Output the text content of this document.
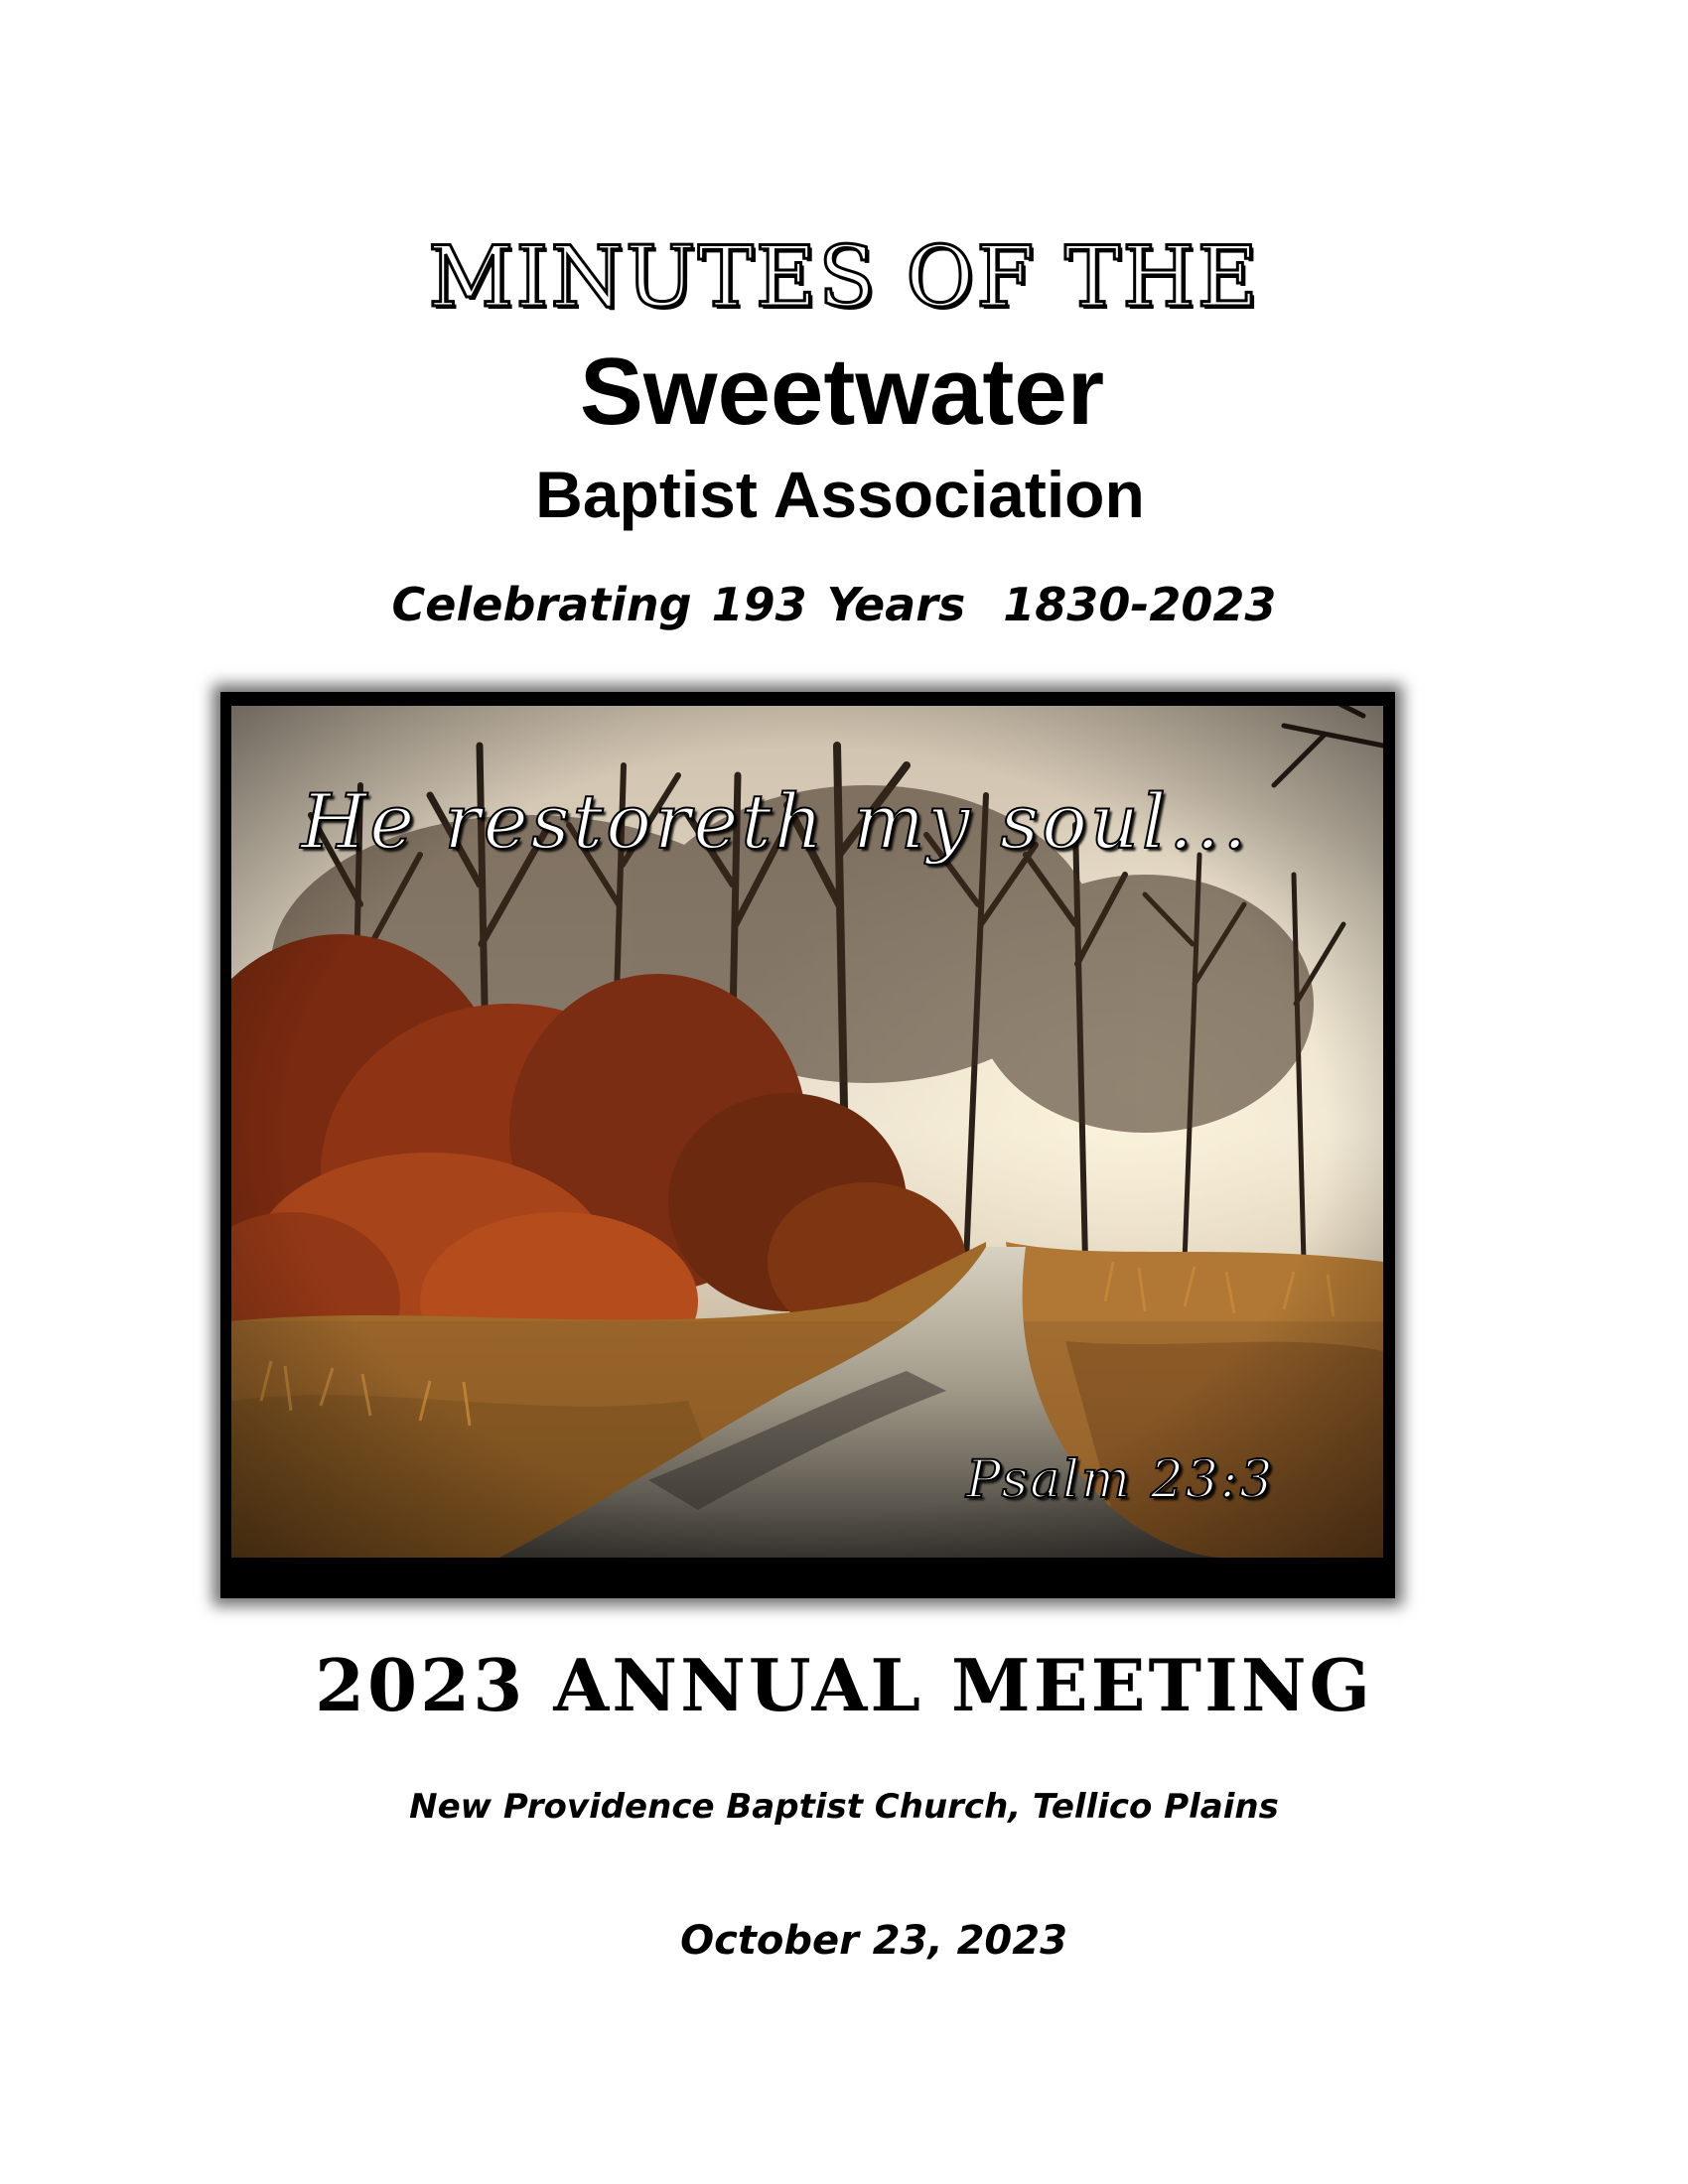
MINUTES OF THE
Sweetwater
Baptist Association
Celebrating 193 Years 1830-2023
He restoreth my soul...
Psalm 23:3
2023 ANNUAL MEETING
New Providence Baptist Church, Tellico Plains
October 23, 2023
